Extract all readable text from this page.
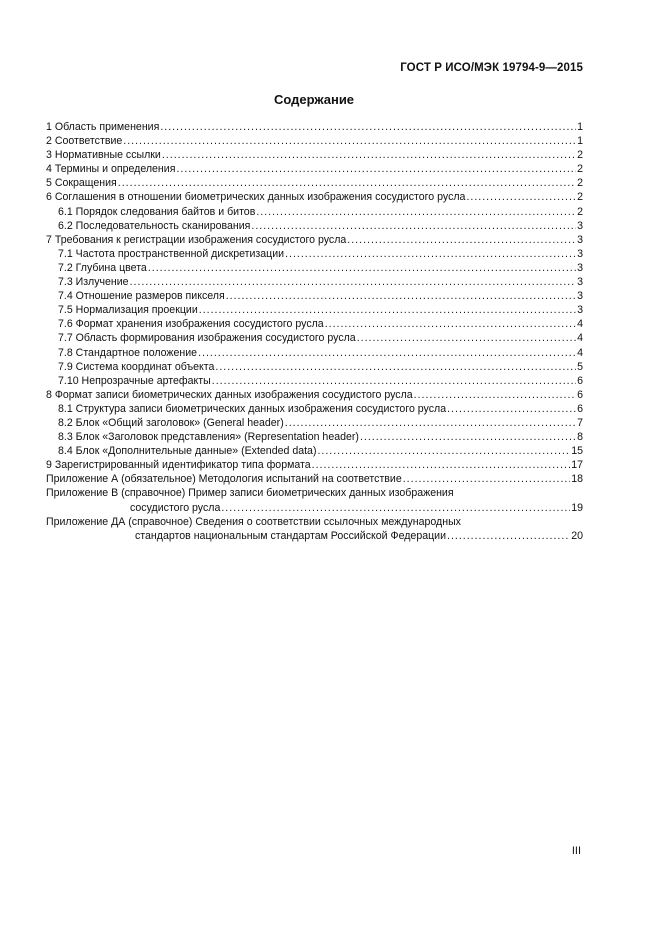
ГОСТ Р ИСО/МЭК 19794-9—2015
Содержание
1 Область применения .....	1
2 Соответствие .....	1
3 Нормативные ссылки .....	2
4 Термины и определения .....	2
5 Сокращения .....	2
6 Соглашения в отношении биометрических данных изображения сосудистого русла .....	2
6.1 Порядок следования байтов и битов .....	2
6.2 Последовательность сканирования .....	3
7 Требования к регистрации изображения сосудистого русла .....	3
7.1 Частота пространственной дискретизации .....	3
7.2 Глубина цвета .....	3
7.3 Излучение .....	3
7.4 Отношение размеров пикселя .....	3
7.5 Нормализация проекции .....	3
7.6 Формат хранения изображения сосудистого русла .....	4
7.7 Область формирования изображения сосудистого русла .....	4
7.8 Стандартное положение .....	4
7.9 Система координат объекта .....	5
7.10 Непрозрачные артефакты .....	6
8 Формат записи биометрических данных изображения сосудистого русла .....	6
8.1 Структура записи биометрических данных изображения сосудистого русла .....	6
8.2 Блок «Общий заголовок» (General header) .....	7
8.3 Блок «Заголовок представления» (Representation header) .....	8
8.4 Блок «Дополнительные данные» (Extended data) .....	15
9 Зарегистрированный идентификатор типа формата .....	17
Приложение А (обязательное) Методология испытаний на соответствие .....	18
Приложение В (справочное) Пример записи биометрических данных изображения
сосудистого русла .....	19
Приложение ДА (справочное) Сведения о соответствии ссылочных международных
стандартов национальным стандартам Российской Федерации .....	20
III
